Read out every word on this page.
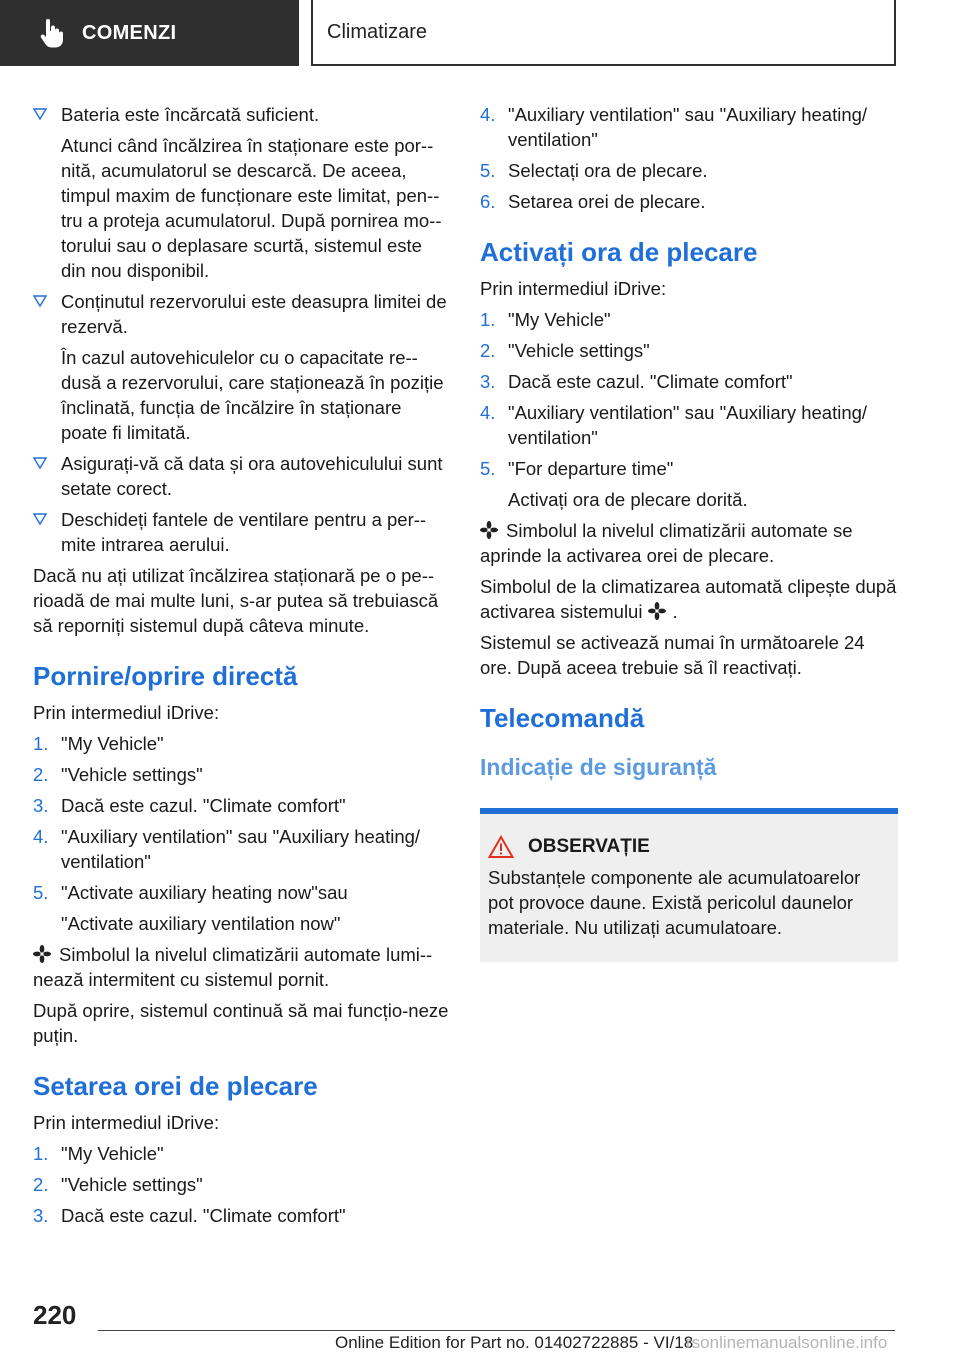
COMENZI	Climatizare

Bateria este încărcată suficient.

Atunci când încălzirea în staționare este por-nită, acumulatorul se descarcă. De aceea, timpul maxim de funcționare este limitat, pen-tru a proteja acumulatorul. După pornirea mo-torului sau o deplasare scurtă, sistemul este din nou disponibil.

Conținutul rezervorului este deasupra limitei de rezervă.

În cazul autovehiculelor cu o capacitate re-dusă a rezervorului, care staționează în poziție înclinată, funcția de încălzire în staționare poate fi limitată.

Asigurați-vă că data și ora autovehiculului sunt setate corect.

Deschideți fantele de ventilare pentru a per-mite intrarea aerului.

Dacă nu ați utilizat încălzirea staționară pe o pe-rioadă de mai multe luni, s-ar putea să trebuiască să reporniți sistemul după câteva minute.

Pornire/oprire directă

Prin intermediul iDrive:

1. "My Vehicle"
2. "Vehicle settings"
3. Dacă este cazul. "Climate comfort"
4. "Auxiliary ventilation" sau "Auxiliary heating/ ventilation"
5. "Activate auxiliary heating now"sau
"Activate auxiliary ventilation now"

Simbolul la nivelul climatizării automate lumi-nează intermitent cu sistemul pornit.

După oprire, sistemul continuă să mai funcțio-neze puțin.

Setarea orei de plecare

Prin intermediul iDrive:

1. "My Vehicle"
2. "Vehicle settings"
3. Dacă este cazul. "Climate comfort"
4. "Auxiliary ventilation" sau "Auxiliary heating/ ventilation"
5. Selectați ora de plecare.
6. Setarea orei de plecare.
Activați ora de plecare

Prin intermediul iDrive:

1. "My Vehicle"
2. "Vehicle settings"
3. Dacă este cazul. "Climate comfort"
4. "Auxiliary ventilation" sau "Auxiliary heating/ ventilation"
5. "For departure time"
Activați ora de plecare dorită.

Simbolul la nivelul climatizării automate se aprinde la activarea orei de plecare.

Simbolul de la climatizarea automată clipește după activarea sistemului .

Sistemul se activează numai în următoarele 24 ore. După aceea trebuie să îl reactivați.

Telecomandă
Indicație de siguranță
OBSERVAȚIE

Substanțele componente ale acumulatoarelor pot provoce daune. Există pericolul daunelor materiale. Nu utilizați acumulatoare.

220
Online Edition for Part no. 01402722885 - VI/18
rsonlinemanualsonline.info
